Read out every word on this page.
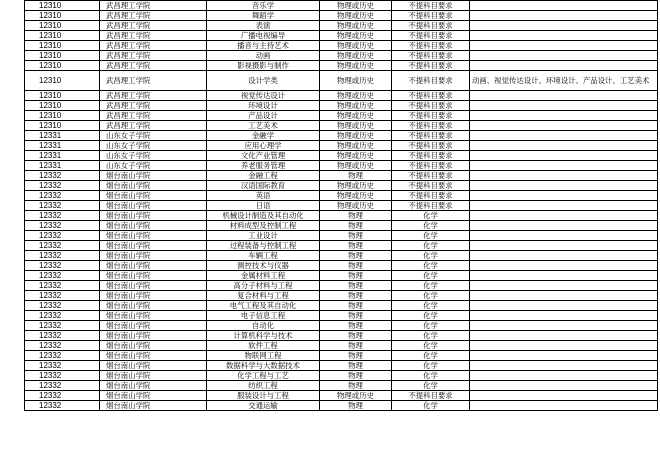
12310	武昌理工学院	音乐学	物理或历史	不提科目要求	
12310	武昌理工学院	舞蹈学	物理或历史	不提科目要求	
12310	武昌理工学院	表演	物理或历史	不提科目要求	
12310	武昌理工学院	广播电视编导	物理或历史	不提科目要求	
12310	武昌理工学院	播音与主持艺术	物理或历史	不提科目要求	
12310	武昌理工学院	动画	物理或历史	不提科目要求	
12310	武昌理工学院	影视摄影与制作	物理或历史	不提科目要求	
12310	武昌理工学院	设计学类	物理或历史	不提科目要求	动画、视觉传达设计、环境设计、产品设计、工艺美术
12310	武昌理工学院	视觉传达设计	物理或历史	不提科目要求	
12310	武昌理工学院	环境设计	物理或历史	不提科目要求	
12310	武昌理工学院	产品设计	物理或历史	不提科目要求	
12310	武昌理工学院	工艺美术	物理或历史	不提科目要求	
12331	山东女子学院	金融学	物理或历史	不提科目要求	
12331	山东女子学院	应用心理学	物理或历史	不提科目要求	
12331	山东女子学院	文化产业管理	物理或历史	不提科目要求	
12331	山东女子学院	养老服务管理	物理或历史	不提科目要求	
12332	烟台南山学院	金融工程	物理	不提科目要求	
12332	烟台南山学院	汉语国际教育	物理或历史	不提科目要求	
12332	烟台南山学院	英语	物理或历史	不提科目要求	
12332	烟台南山学院	日语	物理或历史	不提科目要求	
12332	烟台南山学院	机械设计制造及其自动化	物理	化学	
12332	烟台南山学院	材料成型及控制工程	物理	化学	
12332	烟台南山学院	工业设计	物理	化学	
12332	烟台南山学院	过程装备与控制工程	物理	化学	
12332	烟台南山学院	车辆工程	物理	化学	
12332	烟台南山学院	测控技术与仪器	物理	化学	
12332	烟台南山学院	金属材料工程	物理	化学	
12332	烟台南山学院	高分子材料与工程	物理	化学	
12332	烟台南山学院	复合材料与工程	物理	化学	
12332	烟台南山学院	电气工程及其自动化	物理	化学	
12332	烟台南山学院	电子信息工程	物理	化学	
12332	烟台南山学院	自动化	物理	化学	
12332	烟台南山学院	计算机科学与技术	物理	化学	
12332	烟台南山学院	软件工程	物理	化学	
12332	烟台南山学院	物联网工程	物理	化学	
12332	烟台南山学院	数据科学与大数据技术	物理	化学	
12332	烟台南山学院	化学工程与工艺	物理	化学	
12332	烟台南山学院	纺织工程	物理	化学	
12332	烟台南山学院	服装设计与工程	物理或历史	不提科目要求	
12332	烟台南山学院	交通运输	物理	化学	
